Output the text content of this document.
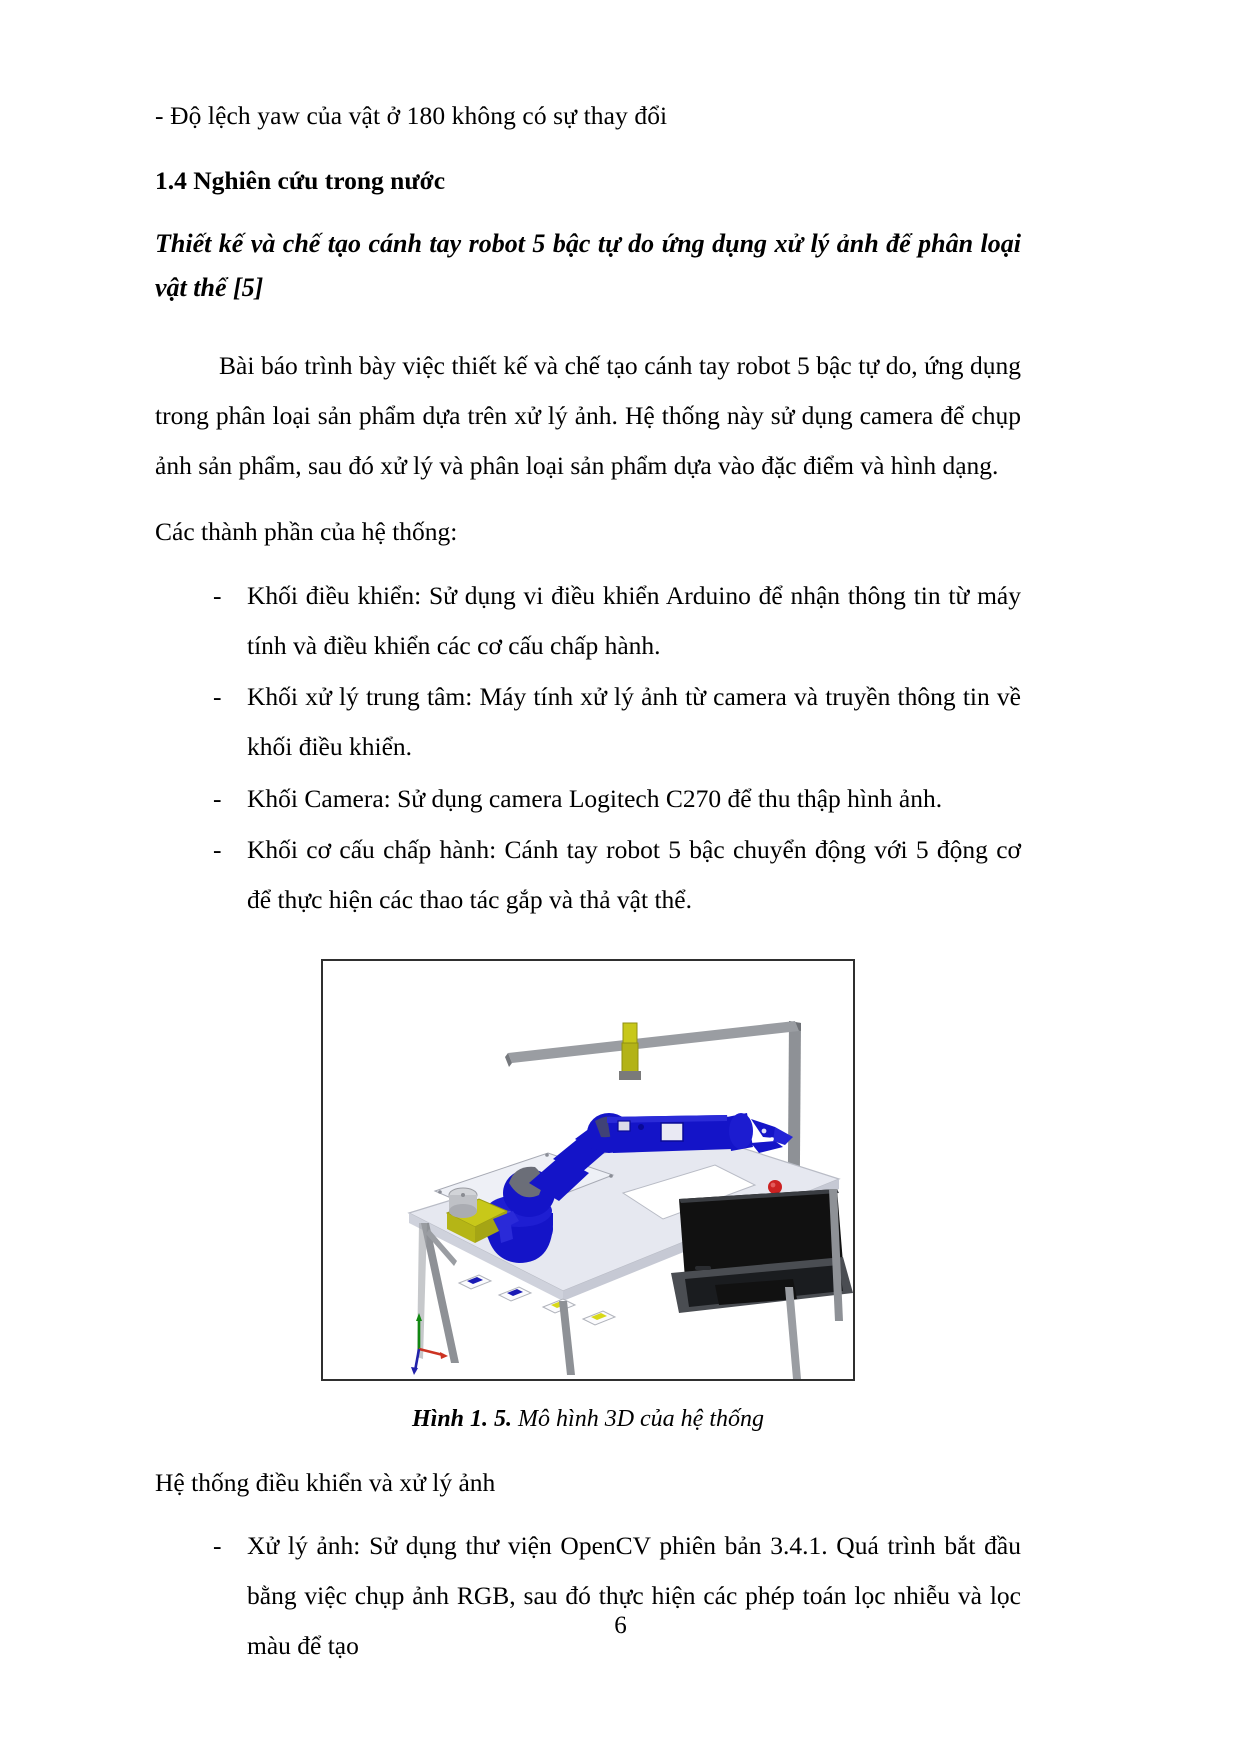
- Độ lệch yaw của vật ở 180 không có sự thay đổi

1.4 Nghiên cứu trong nước

Thiết kế và chế tạo cánh tay robot 5 bậc tự do ứng dụng xử lý ảnh để phân loại vật thể [5]

Bài báo trình bày việc thiết kế và chế tạo cánh tay robot 5 bậc tự do, ứng dụng trong phân loại sản phẩm dựa trên xử lý ảnh. Hệ thống này sử dụng camera để chụp ảnh sản phẩm, sau đó xử lý và phân loại sản phẩm dựa vào đặc điểm và hình dạng.

Các thành phần của hệ thống:

- Khối điều khiển: Sử dụng vi điều khiển Arduino để nhận thông tin từ máy tính và điều khiển các cơ cấu chấp hành.
- Khối xử lý trung tâm: Máy tính xử lý ảnh từ camera và truyền thông tin về khối điều khiển.
- Khối Camera: Sử dụng camera Logitech C270 để thu thập hình ảnh.
- Khối cơ cấu chấp hành: Cánh tay robot 5 bậc chuyển động với 5 động cơ để thực hiện các thao tác gắp và thả vật thể.
Hình 1. 5. Mô hình 3D của hệ thống

Hệ thống điều khiển và xử lý ảnh

- Xử lý ảnh: Sử dụng thư viện OpenCV phiên bản 3.4.1. Quá trình bắt đầu bằng việc chụp ảnh RGB, sau đó thực hiện các phép toán lọc nhiễu và lọc màu để tạo
6
